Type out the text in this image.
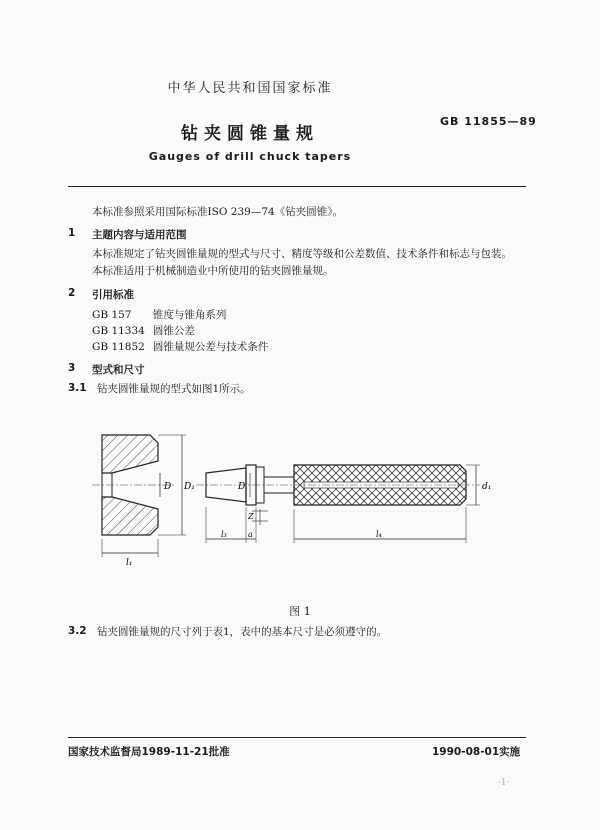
中华人民共和国国家标准
GB 11855—89
钻夹圆锥量规
Gauges of drill chuck tapers
本标准参照采用国际标准ISO 239—74《钻夹圆锥》。
1 主题内容与适用范围
本标准规定了钻夹圆锥量规的型式与尺寸、精度等级和公差数值、技术条件和标志与包装。
本标准适用于机械制造业中所使用的钻夹圆锥量规。
2 引用标准
GB 157	锥度与锥角系列
GB 11334	圆锥公差
GB 11852	圆锥量规公差与技术条件
3 型式和尺寸
3.1 钻夹圆锥量规的型式如图1所示。
D D₁
l₁
D	d₁
Z
l₃	a	l₄
图 1
3.2 钻夹圆锥量规的尺寸列于表1，表中的基本尺寸是必须遵守的。
国家技术监督局1989-11-21批准	1990-08-01实施
·1·
